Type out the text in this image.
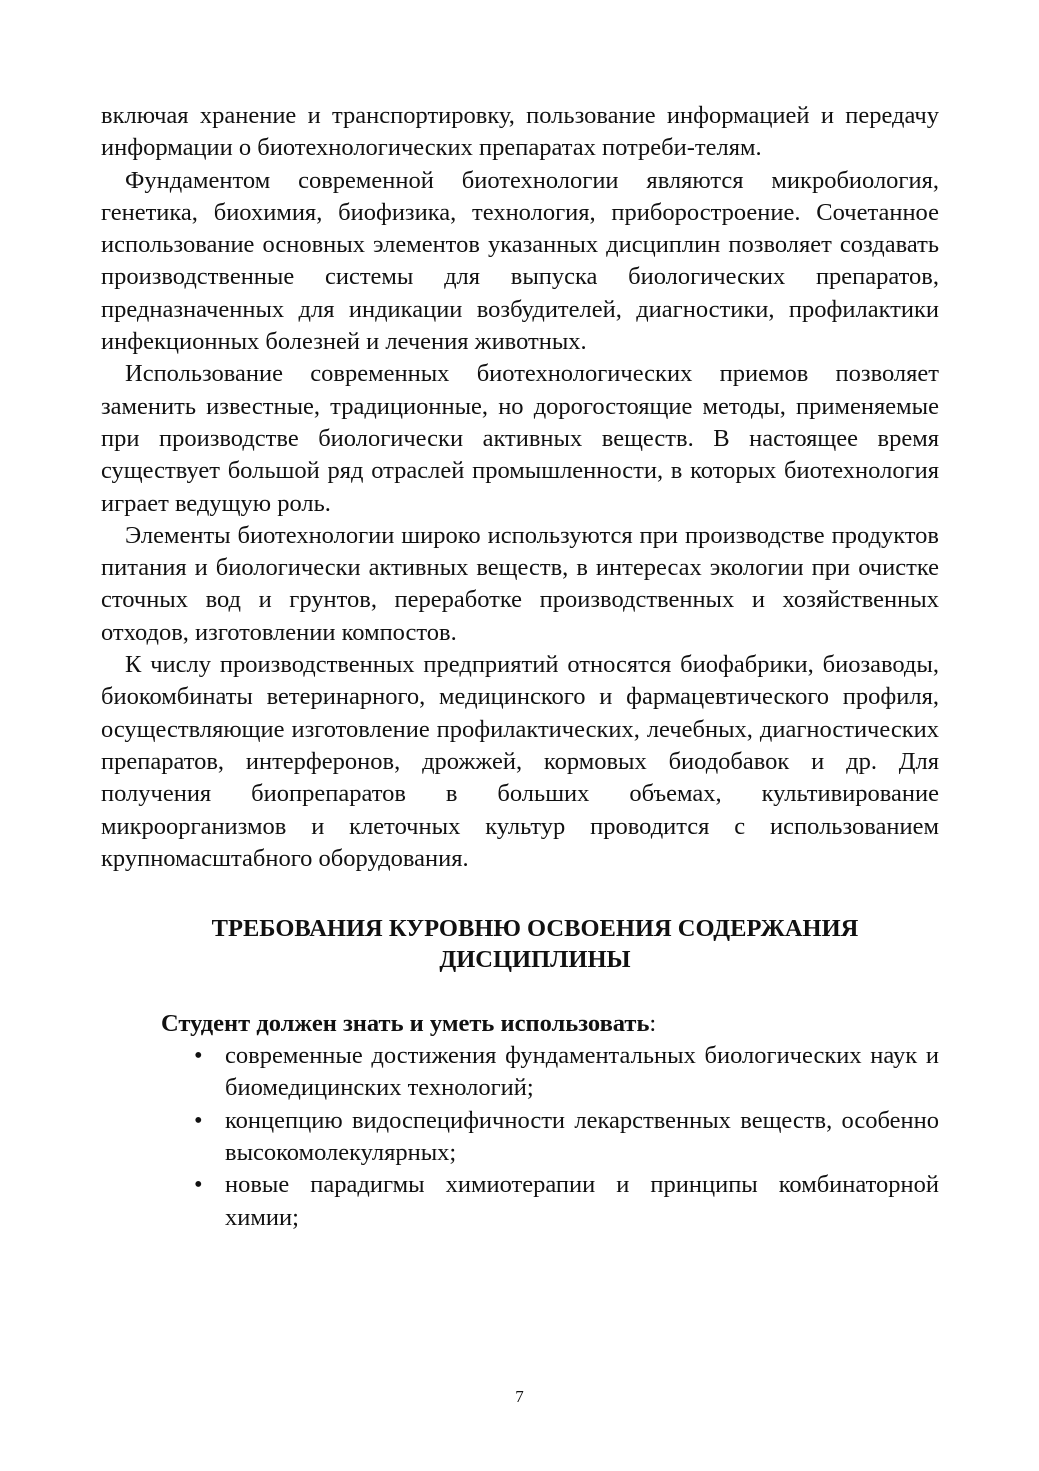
включая хранение и транспортировку, пользование информацией и передачу информации о биотехнологических препаратах потреби-телям.

Фундаментом современной биотехнологии являются микробиология, генетика, биохимия, биофизика, технология, приборостроение. Сочетанное использование основных элементов указанных дисциплин позволяет создавать производственные системы для выпуска биологических препаратов, предназначенных для индикации возбудителей, диагностики, профилактики инфекционных болезней и лечения животных.

Использование современных биотехнологических приемов позволяет заменить известные, традиционные, но дорогостоящие методы, применяемые при производстве биологически активных веществ. В настоящее время существует большой ряд отраслей промышленности, в которых биотехнология играет ведущую роль.

Элементы биотехнологии широко используются при производстве продуктов питания и биологически активных веществ, в интересах экологии при очистке сточных вод и грунтов, переработке производственных и хозяйственных отходов, изготовлении компостов.

К числу производственных предприятий относятся биофабрики, биозаводы, биокомбинаты ветеринарного, медицинского и фармацевтического профиля, осуществляющие изготовление профилактических, лечебных, диагностических препаратов, интерферонов, дрожжей, кормовых биодобавок и др. Для получения биопрепаратов в больших объемах, культивирование микроорганизмов и клеточных культур проводится с использованием крупномасштабного оборудования.

ТРЕБОВАНИЯ КУРОВНЮ ОСВОЕНИЯ СОДЕРЖАНИЯ

ДИСЦИПЛИНЫ

Студент должен знать и уметь использовать:

• современные достижения фундаментальных биологических наук и биомедицинских технологий;
• концепцию видоспецифичности лекарственных веществ, особенно высокомолекулярных;
• новые парадигмы химиотерапии и принципы комбинаторной химии;
7
